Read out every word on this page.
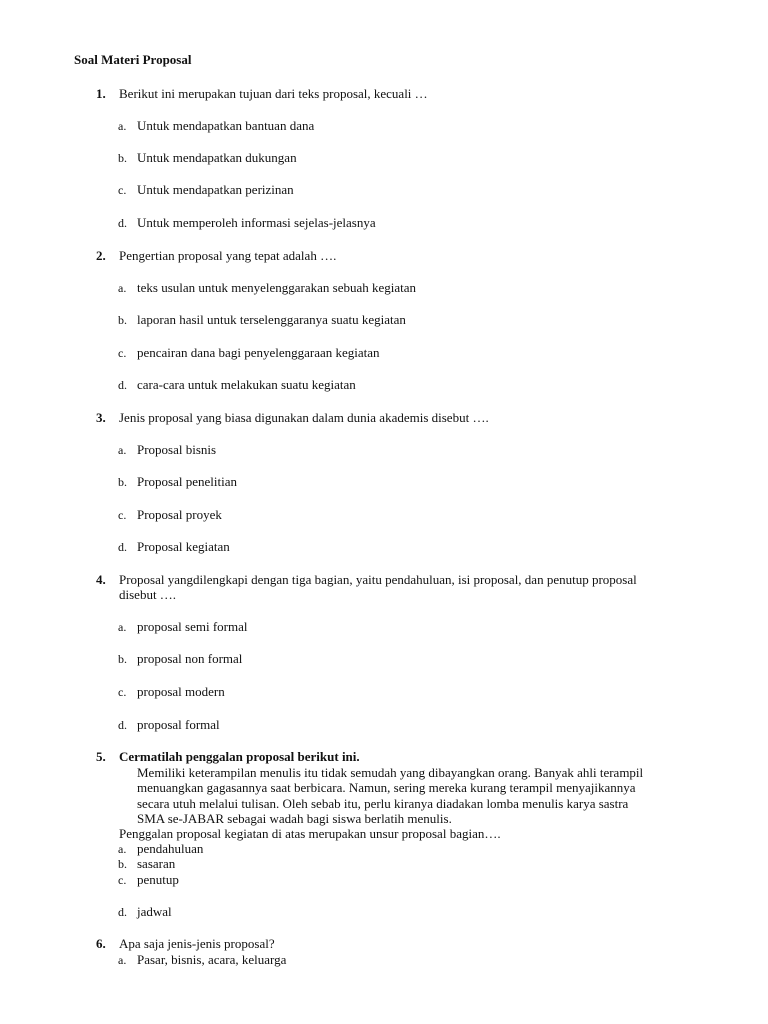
Soal Materi Proposal
1. Berikut ini merupakan tujuan dari teks proposal, kecuali …
a. Untuk mendapatkan bantuan dana
b. Untuk mendapatkan dukungan
c. Untuk mendapatkan perizinan
d. Untuk memperoleh informasi sejelas-jelasnya
2. Pengertian proposal yang tepat adalah ….
a. teks usulan untuk menyelenggarakan sebuah kegiatan
b. laporan hasil untuk terselenggaranya suatu kegiatan
c. pencairan dana bagi penyelenggaraan kegiatan
d. cara-cara untuk melakukan suatu kegiatan
3. Jenis proposal yang biasa digunakan dalam dunia akademis disebut ….
a. Proposal bisnis
b. Proposal penelitian
c. Proposal proyek
d. Proposal kegiatan
4. Proposal yangdilengkapi dengan tiga bagian, yaitu pendahuluan, isi proposal, dan penutup proposal disebut ….
a. proposal semi formal
b. proposal non formal
c. proposal modern
d. proposal formal
5. Cermatilah penggalan proposal berikut ini.
Memiliki keterampilan menulis itu tidak semudah yang dibayangkan orang. Banyak ahli terampil menuangkan gagasannya saat berbicara. Namun, sering mereka kurang terampil menyajikannya secara utuh melalui tulisan. Oleh sebab itu, perlu kiranya diadakan lomba menulis karya sastra SMA se-JABAR sebagai wadah bagi siswa berlatih menulis.
Penggalan proposal kegiatan di atas merupakan unsur proposal bagian….
a. pendahuluan
b. sasaran
c. penutup
d. jadwal
6. Apa saja jenis-jenis proposal?
a. Pasar, bisnis, acara, keluarga
